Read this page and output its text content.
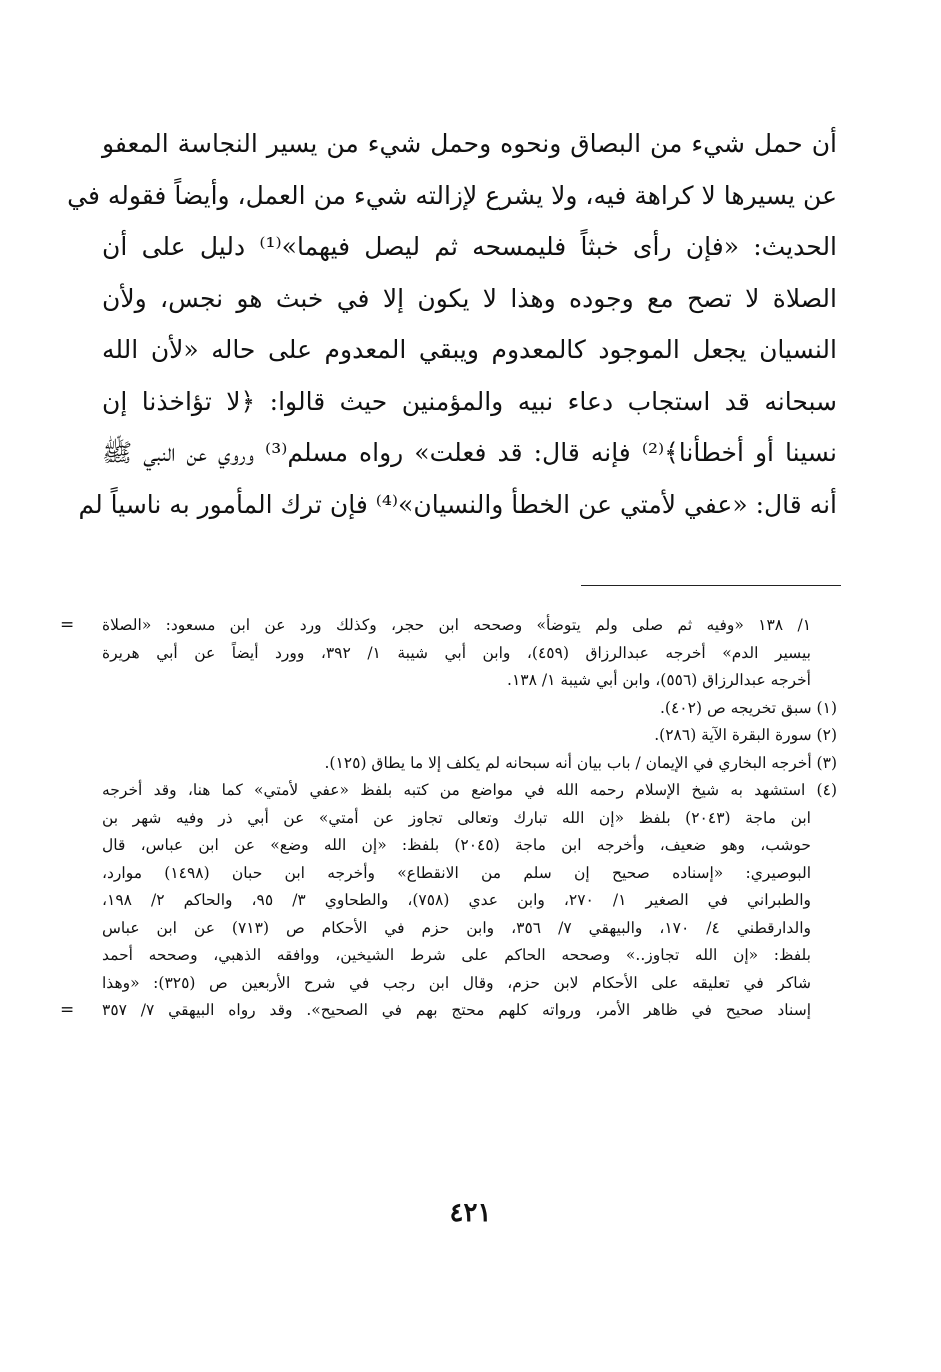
أن حمل شيء من البصاق ونحوه وحمل شيء من يسير النجاسة المعفو
عن يسيرها لا كراهة فيه، ولا يشرع لإزالته شيء من العمل، وأيضاً فقوله في
الحديث: «فإن رأى خبثاً فليمسحه ثم ليصل فيهما»⁽¹⁾ دليل على أن
الصلاة لا تصح مع وجوده وهذا لا يكون إلا في خبث هو نجس، ولأن
النسيان يجعل الموجود كالمعدوم ويبقي المعدوم على حاله «لأن الله
سبحانه قد استجاب دعاء نبيه والمؤمنين حيث قالوا: ﴿لا تؤاخذنا إن
نسينا أو أخطأنا﴾⁽²⁾ فإنه قال: قد فعلت» رواه مسلم⁽³⁾ وروي عن النبي ﷺ
أنه قال: «عفي لأمتي عن الخطأ والنسيان»⁽⁴⁾ فإن ترك المأمور به ناسياً لم
١/ ١٣٨ «وفيه ثم صلى ولم يتوضأ» وصححه ابن حجر، وكذلك ورد عن ابن مسعود: «الصلاة
=
بيسير الدم» أخرجه عبدالرزاق (٤٥٩)، وابن أبي شيبة ١/ ٣٩٢، وورد أيضاً عن أبي هريرة
أخرجه عبدالرزاق (٥٥٦)، وابن أبي شيبة ١/ ١٣٨.
(١) سبق تخريجه ص (٤٠٢).
(٢) سورة البقرة الآية (٢٨٦).
(٣) أخرجه البخاري في الإيمان / باب بيان أنه سبحانه لم يكلف إلا ما يطاق (١٢٥).
(٤) استشهد به شيخ الإسلام رحمه الله في مواضع من كتبه بلفظ «عفي لأمتي» كما هنا، وقد أخرجه
ابن ماجة (٢٠٤٣) بلفظ «إن الله تبارك وتعالى تجاوز عن أمتي» عن أبي ذر وفيه شهر بن
حوشب، وهو ضعيف، وأخرجه ابن ماجة (٢٠٤٥) بلفظ: «إن الله وضع» عن ابن عباس، قال
البوصيري: «إسناده صحيح إن سلم من الانقطاع» وأخرجه ابن حبان (١٤٩٨) موارد،
والطبراني في الصغير ١/ ٢٧٠، وابن عدي (٧٥٨)، والطحاوي ٣/ ٩٥، والحاكم ٢/ ١٩٨،
والدارقطني ٤/ ١٧٠، والبيهقي ٧/ ٣٥٦، وابن حزم في الأحكام ص (٧١٣) عن ابن عباس
بلفظ: «إن الله تجاوز..» وصححه الحاكم على شرط الشيخين، ووافقه الذهبي، وصححه أحمد
شاكر في تعليقه على الأحكام لابن حزم، وقال ابن رجب في شرح الأربعين ص (٣٢٥): «وهذا
إسناد صحيح في ظاهر الأمر، ورواته كلهم محتج بهم في الصحيح». وقد رواه البيهقي ٧/ ٣٥٧
=
٤٢١
